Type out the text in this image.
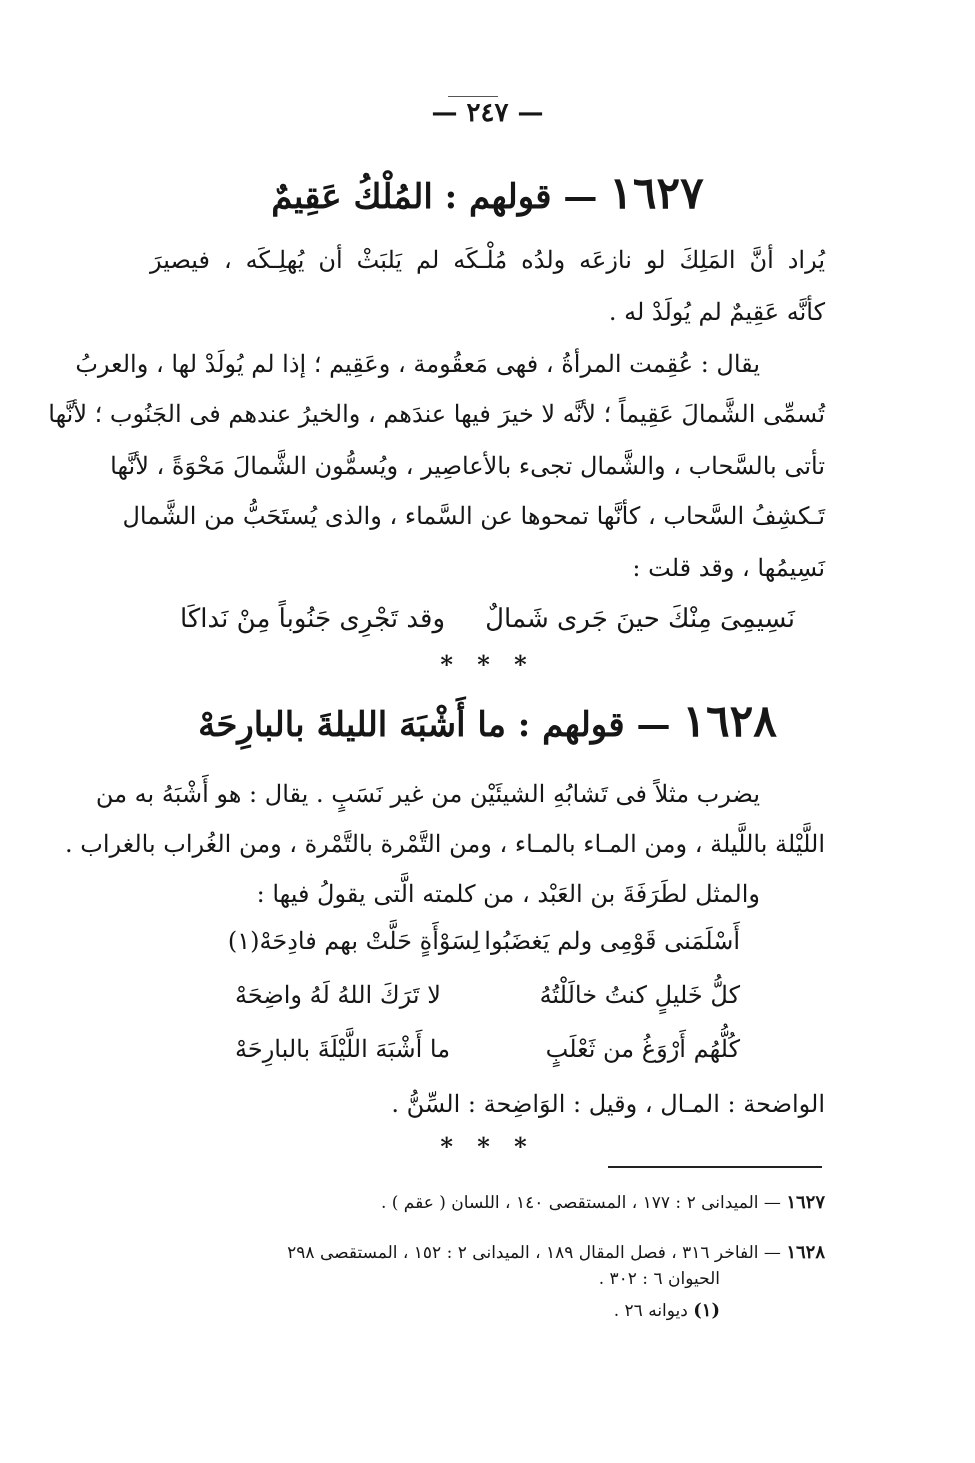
— ٢٤٧ —
١٦٢٧ — قولهم : المُلْكُ عَقِيمٌ
يُراد أنَّ المَلِكَ لو نازعَه ولدُه مُلْـكَه لم يَلبَثْ أن يُهلِـكَه ، فيصيرَ
كأنَّه عَقِيمٌ لم يُولَدْ له .
يقال : عُقِمت المرأةُ ، فهى مَعقُومة ، وعَقِيم ؛ إذا لم يُولَدْ لها ، والعربُ
تُسمِّى الشَّمالَ عَقِيماً ؛ لأنَّه لا خيرَ فيها عندَهم ، والخيرُ عندهم فى الجَنُوب ؛ لأنَّها
تأتى بالسَّحاب ، والشَّمال تجىء بالأعاصِير ، ويُسمُّون الشَّمالَ مَحْوَةً ، لأنَّها
تَـكشِفُ السَّحاب ، كأنَّها تمحوها عن السَّماء ، والذى يُستَحَبُّ من الشَّمال
نَسِيمُها ، وقد قلت :
نَسِيمِىَ مِنْكَ حينَ جَرى شَمالٌ
وقد تَجْرِى جَنُوباً مِنْ نَداكَا
* * *
١٦٢٨ — قولهم : ما أَشْبَهَ الليلةَ بالبارِحَهْ
يضرب مثلاً فى تَشابُهِ الشيئَيْن من غير نَسَبٍ . يقال : هو أَشْبَهُ به من
اللَّيْلة باللَّيلة ، ومن المـاء بالمـاء ، ومن التَّمْرة بالتَّمْرة ، ومن الغُراب بالغراب .
والمثل لطَرَفَةَ بن العَبْد ، من كلمته الَّتى يقولُ فيها :
أَسْلَمَنى قَوْمِى ولم يَغضَبُوا
لِسَوْأَةٍ حَلَّتْ بهم فادِحَهْ(١)
كلُّ خَليلٍ كنتُ خالَلْتُهُ
لا تَرَكَ اللهُ لَهُ واضِحَهْ
كُلُّهُم أَرْوَغُ من ثَعْلَبٍ
ما أَشْبَهَ اللَّيْلَةَ بالبارِحَهْ
الواضحة : المـال ، وقيل : الوَاضِحة : السِّنُّ .
* * *
١٦٢٧ — الميدانى ٢ : ١٧٧ ، المستقصى ١٤٠ ، اللسان ( عقم ) .
١٦٢٨ — الفاخر ٣١٦ ، فصل المقال ١٨٩ ، الميدانى ٢ : ١٥٢ ، المستقصى ٢٩٨
الحيوان ٦ : ٣٠٢ .
(١) ديوانه ٢٦ .
